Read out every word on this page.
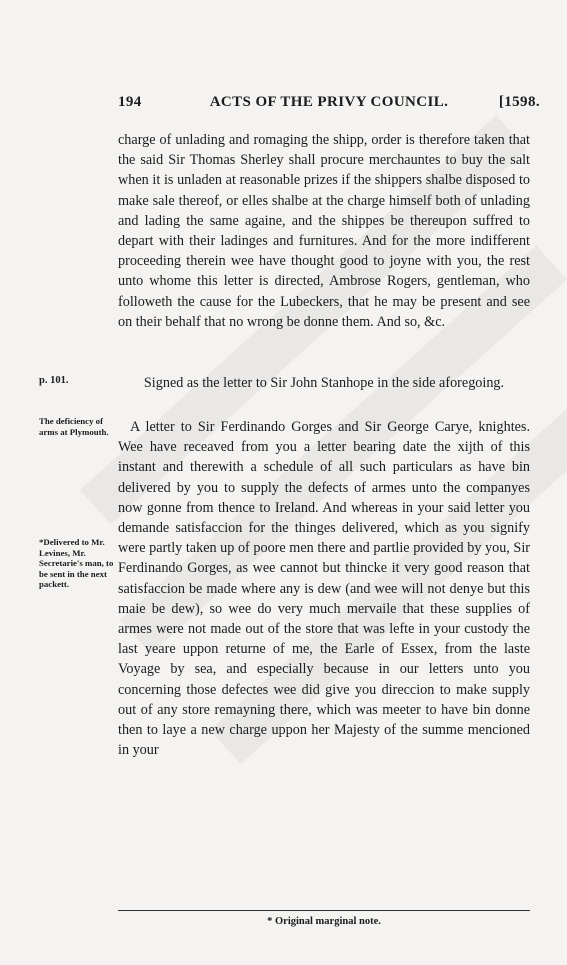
194	ACTS OF THE PRIVY COUNCIL.	[1598.

charge of unlading and romaging the shipp, order is therefore taken that the said Sir Thomas Sherley shall procure merchauntes to buy the salt when it is unladen at reasonable prizes if the shippers shalbe disposed to make sale thereof, or elles shalbe at the charge himself both of unlading and lading the same againe, and the shippes be thereupon suffred to depart with their ladinges and furnitures. And for the more indifferent proceeding therein wee have thought good to joyne with you, the rest unto whome this letter is directed, Ambrose Rogers, gentleman, who followeth the cause for the Lubeckers, that he may be present and see on their behalf that no wrong be donne them. And so, &c.

p. 101.	Signed as the letter to Sir John Stanhope in the side aforegoing.

The deficiency of arms at Plymouth.
*Delivered to Mr. Levines, Mr. Secretarie's man, to be sent in the next packett.

A letter to Sir Ferdinando Gorges and Sir George Carye, knightes. Wee have receaved from you a letter bearing date the xijth of this instant and therewith a schedule of all such particulars as have bin delivered by you to supply the defects of armes unto the companyes now gonne from thence to Ireland. And whereas in your said letter you demande satisfaccion for the thinges delivered, which as you signify were partly taken up of poore men there and partlie provided by you, Sir Ferdinando Gorges, as wee cannot but thincke it very good reason that satisfaccion be made where any is dew (and wee will not denye but this maie be dew), so wee do very much mervaile that these supplies of armes were not made out of the store that was lefte in your custody the last yeare uppon returne of me, the Earle of Essex, from the laste Voyage by sea, and especially because in our letters unto you concerning those defectes wee did give you direccion to make supply out of any store remayning there, which was meeter to have bin donne then to laye a new charge uppon her Majesty of the summe mencioned in your

* Original marginal note.
